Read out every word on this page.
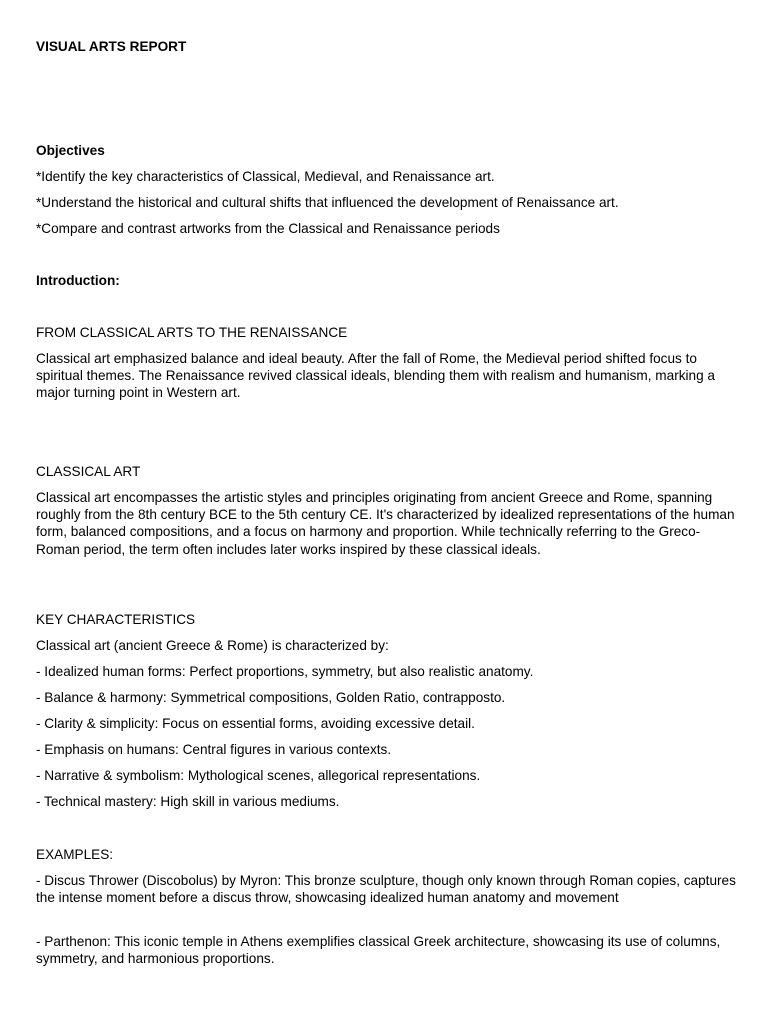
VISUAL ARTS REPORT

Objectives

*Identify the key characteristics of Classical, Medieval, and Renaissance art.

*Understand the historical and cultural shifts that influenced the development of Renaissance art.

*Compare and contrast artworks from the Classical and Renaissance periods

Introduction:

FROM CLASSICAL ARTS TO THE RENAISSANCE

Classical art emphasized balance and ideal beauty. After the fall of Rome, the Medieval period shifted focus to spiritual themes. The Renaissance revived classical ideals, blending them with realism and humanism, marking a major turning point in Western art.

CLASSICAL ART

Classical art encompasses the artistic styles and principles originating from ancient Greece and Rome, spanning roughly from the 8th century BCE to the 5th century CE. It's characterized by idealized representations of the human form, balanced compositions, and a focus on harmony and proportion. While technically referring to the Greco-Roman period, the term often includes later works inspired by these classical ideals.

KEY CHARACTERISTICS

Classical art (ancient Greece & Rome) is characterized by:

- Idealized human forms: Perfect proportions, symmetry, but also realistic anatomy.

- Balance & harmony: Symmetrical compositions, Golden Ratio, contrapposto.

- Clarity & simplicity: Focus on essential forms, avoiding excessive detail.

- Emphasis on humans: Central figures in various contexts.

- Narrative & symbolism: Mythological scenes, allegorical representations.

- Technical mastery: High skill in various mediums.

EXAMPLES:

- Discus Thrower (Discobolus) by Myron: This bronze sculpture, though only known through Roman copies, captures the intense moment before a discus throw, showcasing idealized human anatomy and movement

- Parthenon: This iconic temple in Athens exemplifies classical Greek architecture, showcasing its use of columns, symmetry, and harmonious proportions.
